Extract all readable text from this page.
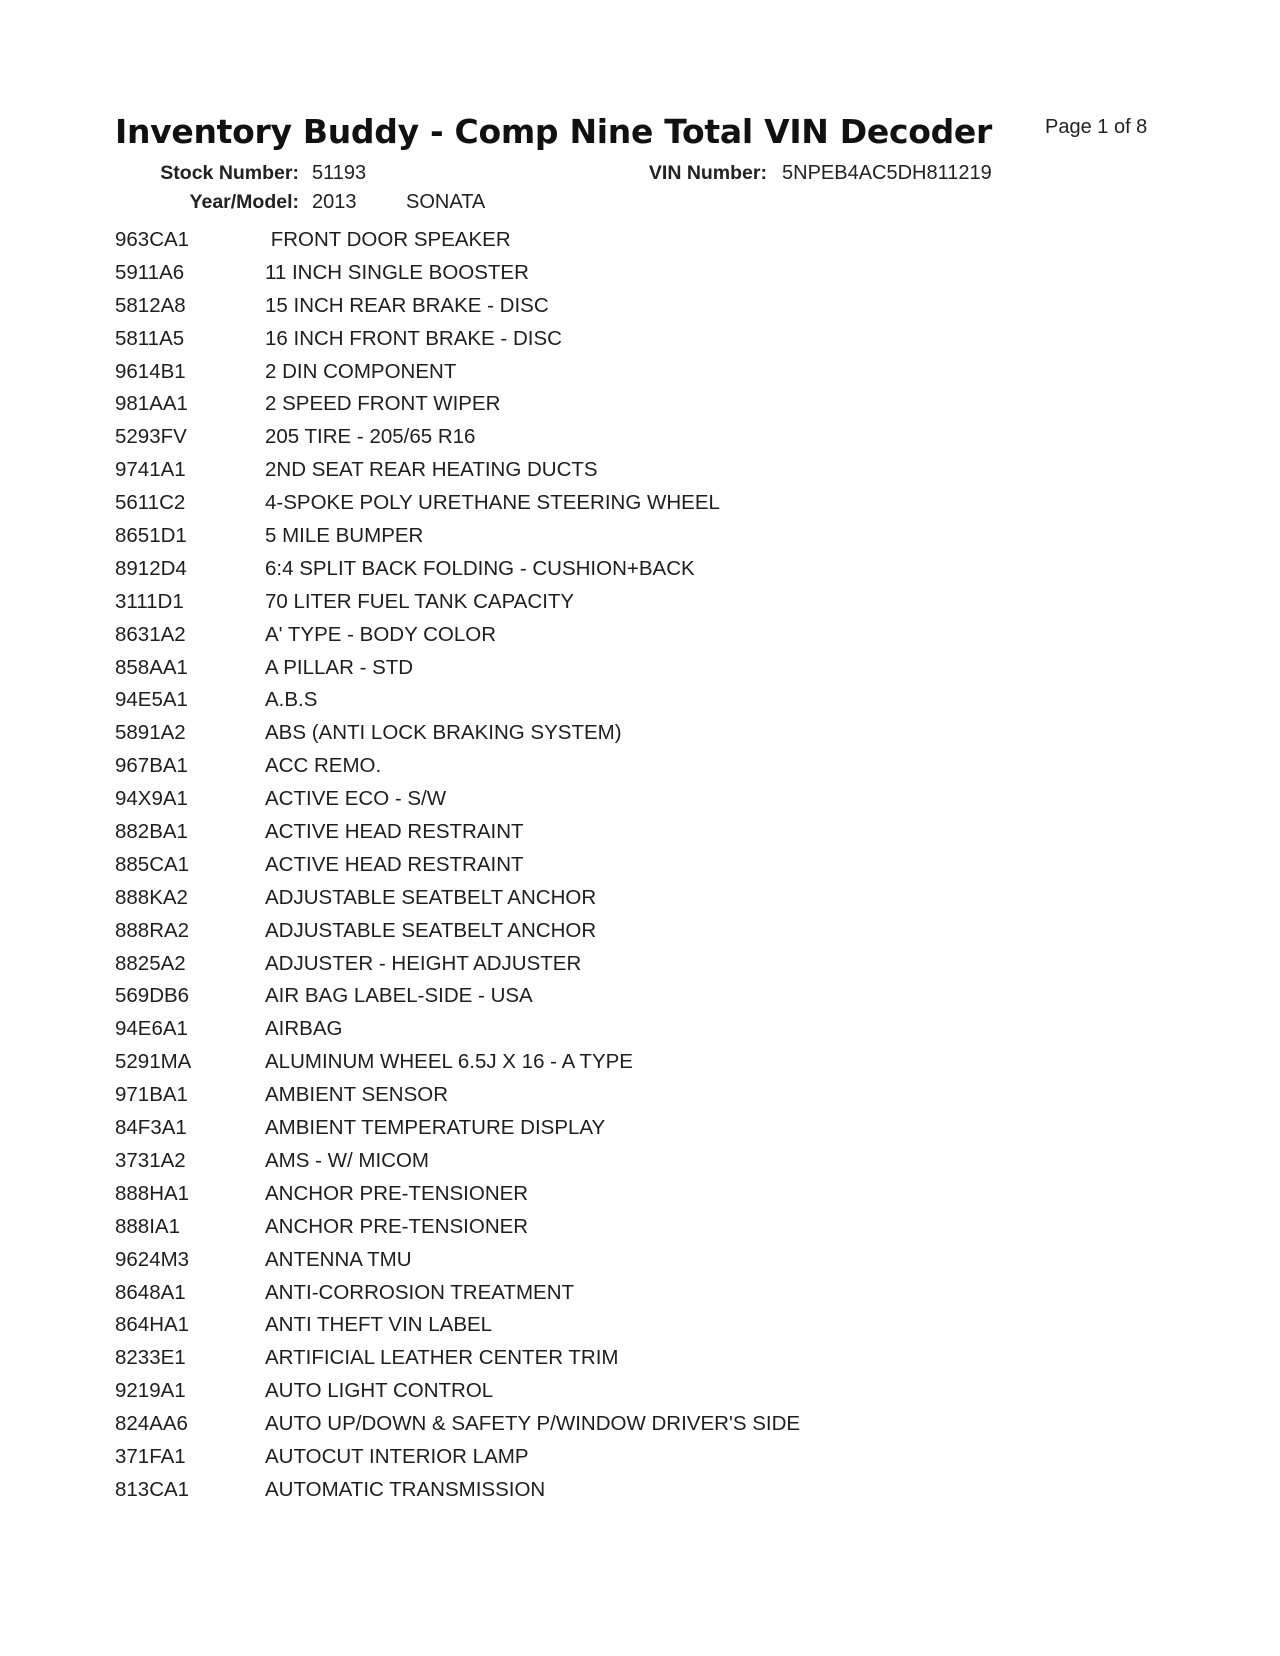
Inventory Buddy - Comp Nine Total VIN Decoder	Page 1 of 8
Stock Number: 51193	VIN Number: 5NPEB4AC5DH811219
Year/Model: 2013 SONATA
963CA1	FRONT DOOR SPEAKER
5911A6	11 INCH SINGLE BOOSTER
5812A8	15 INCH REAR BRAKE - DISC
5811A5	16 INCH FRONT BRAKE - DISC
9614B1	2 DIN COMPONENT
981AA1	2 SPEED FRONT WIPER
5293FV	205 TIRE - 205/65 R16
9741A1	2ND SEAT REAR HEATING DUCTS
5611C2	4-SPOKE POLY URETHANE STEERING WHEEL
8651D1	5 MILE BUMPER
8912D4	6:4 SPLIT BACK FOLDING - CUSHION+BACK
3111D1	70 LITER FUEL TANK CAPACITY
8631A2	A' TYPE - BODY COLOR
858AA1	A PILLAR - STD
94E5A1	A.B.S
5891A2	ABS (ANTI LOCK BRAKING SYSTEM)
967BA1	ACC REMO.
94X9A1	ACTIVE ECO - S/W
882BA1	ACTIVE HEAD RESTRAINT
885CA1	ACTIVE HEAD RESTRAINT
888KA2	ADJUSTABLE SEATBELT ANCHOR
888RA2	ADJUSTABLE SEATBELT ANCHOR
8825A2	ADJUSTER - HEIGHT ADJUSTER
569DB6	AIR BAG LABEL-SIDE - USA
94E6A1	AIRBAG
5291MA	ALUMINUM WHEEL 6.5J X 16 - A TYPE
971BA1	AMBIENT SENSOR
84F3A1	AMBIENT TEMPERATURE DISPLAY
3731A2	AMS - W/ MICOM
888HA1	ANCHOR PRE-TENSIONER
888IA1	ANCHOR PRE-TENSIONER
9624M3	ANTENNA TMU
8648A1	ANTI-CORROSION TREATMENT
864HA1	ANTI THEFT VIN LABEL
8233E1	ARTIFICIAL LEATHER CENTER TRIM
9219A1	AUTO LIGHT CONTROL
824AA6	AUTO UP/DOWN & SAFETY P/WINDOW DRIVER'S SIDE
371FA1	AUTOCUT INTERIOR LAMP
813CA1	AUTOMATIC TRANSMISSION
